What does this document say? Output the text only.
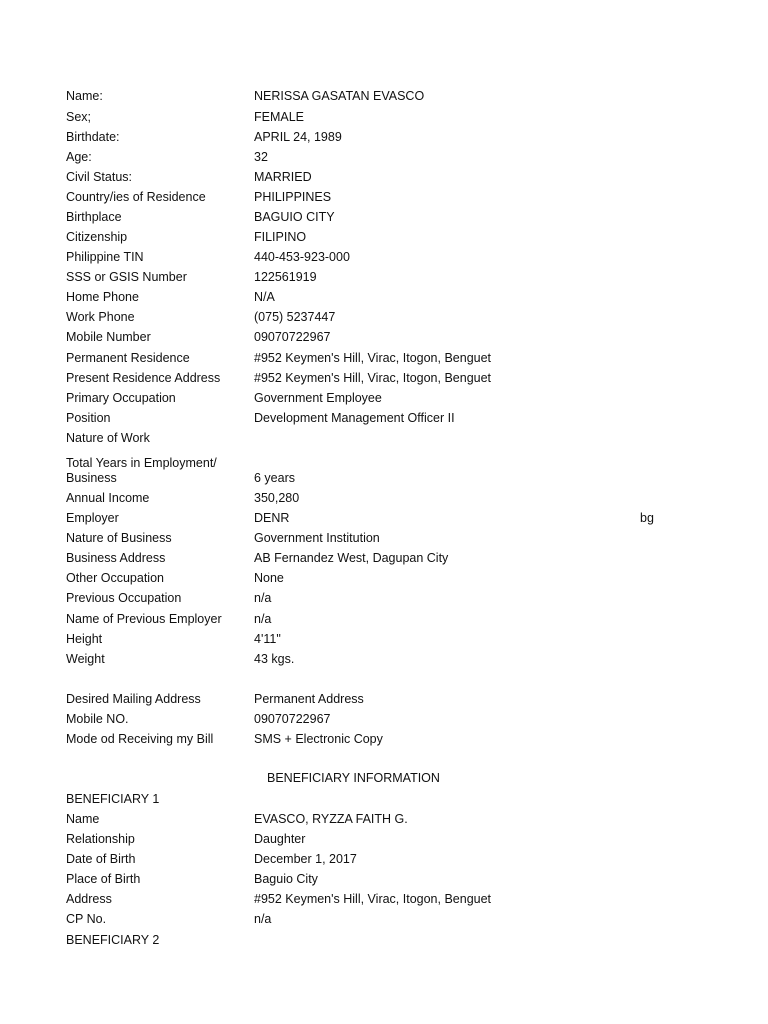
Name:	NERISSA GASATAN EVASCO
Sex;	FEMALE
Birthdate:	APRIL 24, 1989
Age:	32
Civil Status:	MARRIED
Country/ies of Residence	PHILIPPINES
Birthplace	BAGUIO CITY
Citizenship	FILIPINO
Philippine TIN	440-453-923-000
SSS or GSIS Number	122561919
Home Phone	N/A
Work Phone	(075) 5237447
Mobile Number	09070722967
Permanent Residence	#952 Keymen's Hill, Virac, Itogon, Benguet
Present Residence Address	#952 Keymen's Hill, Virac, Itogon, Benguet
Primary Occupation	Government Employee
Position	Development Management Officer II
Nature of Work
Total Years in Employment/
Business	6 years
Annual Income	350,280
Employer	DENR	bg
Nature of Business	Government Institution
Business Address	AB Fernandez West, Dagupan City
Other Occupation	None
Previous Occupation	n/a
Name of Previous Employer	n/a
Height	4'11"
Weight	43 kgs.
Desired Mailing Address	Permanent Address
Mobile NO.	09070722967
Mode od Receiving my Bill	SMS + Electronic Copy
BENEFICIARY INFORMATION
BENEFICIARY 1
Name	EVASCO, RYZZA FAITH G.
Relationship	Daughter
Date of Birth	December 1, 2017
Place of Birth	Baguio City
Address	#952 Keymen's Hill, Virac, Itogon, Benguet
CP No.	n/a
BENEFICIARY 2
